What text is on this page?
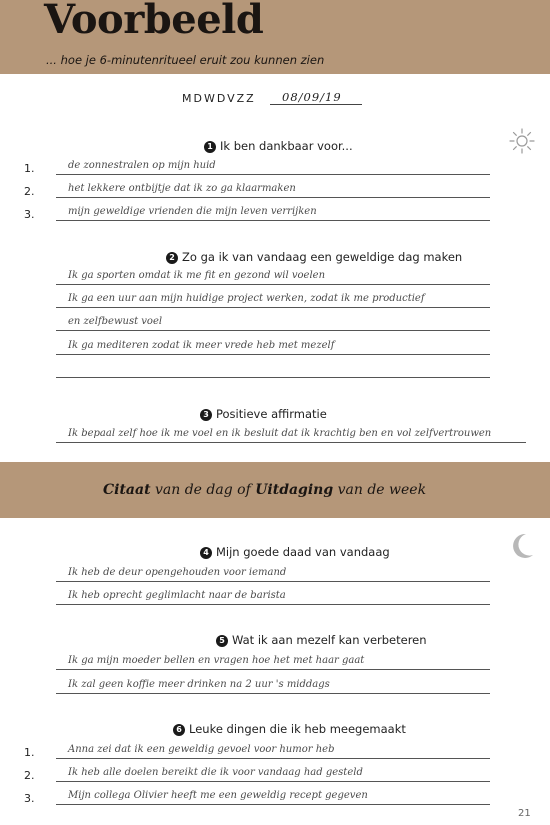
Voorbeeld
... hoe je 6-minutenritueel eruit zou kunnen zien
MDWDVZZ	08/09/19
1 Ik ben dankbaar voor...
1.	de zonnestralen op mijn huid
2.	het lekkere ontbijtje dat ik zo ga klaarmaken
3.	mijn geweldige vrienden die mijn leven verrijken
2 Zo ga ik van vandaag een geweldige dag maken
Ik ga sporten omdat ik me fit en gezond wil voelen
Ik ga een uur aan mijn huidige project werken, zodat ik me productief
en zelfbewust voel
Ik ga mediteren zodat ik meer vrede heb met mezelf
3 Positieve affirmatie
Ik bepaal zelf hoe ik me voel en ik besluit dat ik krachtig ben en vol zelfvertrouwen
Citaat van de dag of Uitdaging van de week
4 Mijn goede daad van vandaag
Ik heb de deur opengehouden voor iemand
Ik heb oprecht geglimlacht naar de barista
5 Wat ik aan mezelf kan verbeteren
Ik ga mijn moeder bellen en vragen hoe het met haar gaat
Ik zal geen koffie meer drinken na 2 uur 's middags
6 Leuke dingen die ik heb meegemaakt
1.	Anna zei dat ik een geweldig gevoel voor humor heb
2.	Ik heb alle doelen bereikt die ik voor vandaag had gesteld
3.	Mijn collega Olivier heeft me een geweldig recept gegeven
21
